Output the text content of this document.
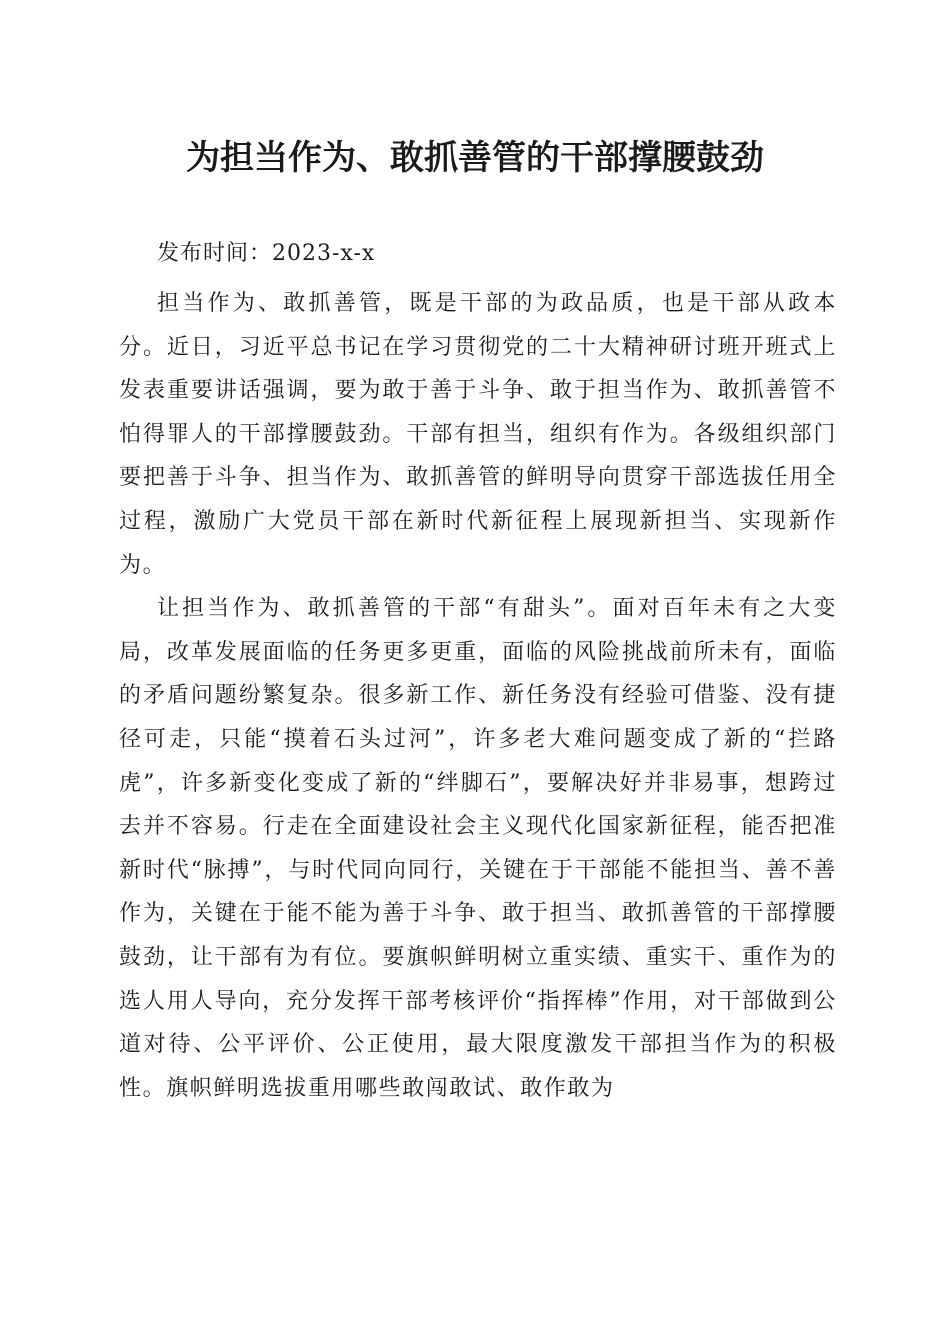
为担当作为、敢抓善管的干部撑腰鼓劲

发布时间：2023-x-x

担当作为、敢抓善管，既是干部的为政品质，也是干部从政本分。近日，习近平总书记在学习贯彻党的二十大精神研讨班开班式上发表重要讲话强调，要为敢于善于斗争、敢于担当作为、敢抓善管不怕得罪人的干部撑腰鼓劲。干部有担当，组织有作为。各级组织部门要把善于斗争、担当作为、敢抓善管的鲜明导向贯穿干部选拔任用全过程，激励广大党员干部在新时代新征程上展现新担当、实现新作为。

让担当作为、敢抓善管的干部“有甜头”。面对百年未有之大变局，改革发展面临的任务更多更重，面临的风险挑战前所未有，面临的矛盾问题纷繁复杂。很多新工作、新任务没有经验可借鉴、没有捷径可走，只能“摸着石头过河”，许多老大难问题变成了新的“拦路虎”，许多新变化变成了新的“绊脚石”，要解决好并非易事，想跨过去并不容易。行走在全面建设社会主义现代化国家新征程，能否把准新时代“脉搏”，与时代同向同行，关键在于干部能不能担当、善不善作为，关键在于能不能为善于斗争、敢于担当、敢抓善管的干部撑腰鼓劲，让干部有为有位。要旗帜鲜明树立重实绩、重实干、重作为的选人用人导向，充分发挥干部考核评价“指挥棒”作用，对干部做到公道对待、公平评价、公正使用，最大限度激发干部担当作为的积极性。旗帜鲜明选拔重用哪些敢闯敢试、敢作敢为
